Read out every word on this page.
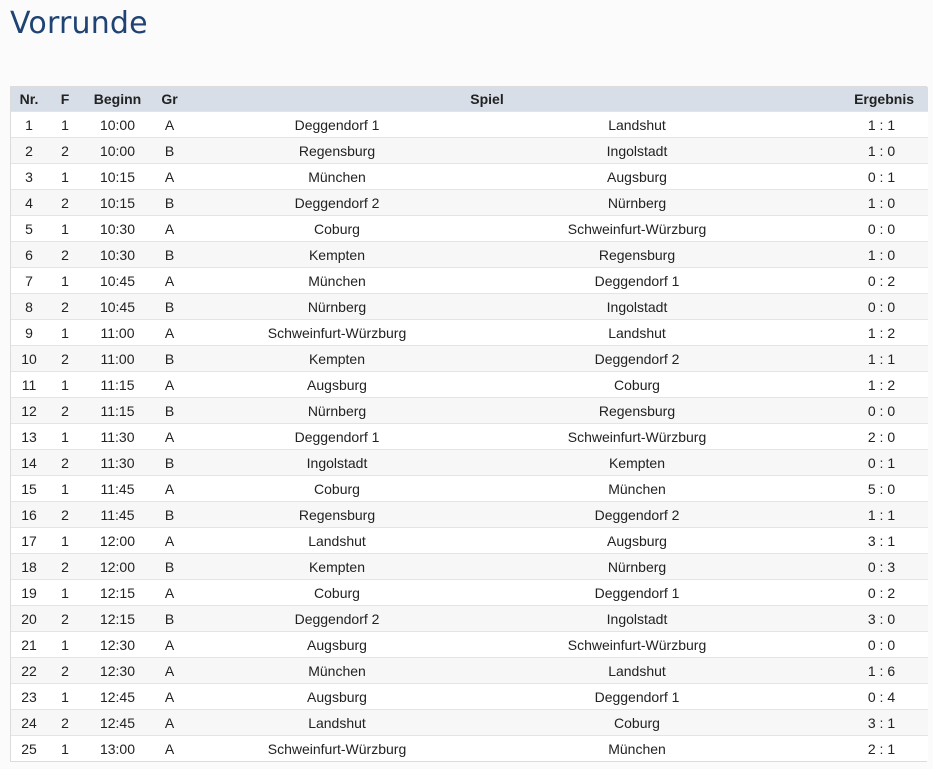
Vorrunde
Nr.	F	Beginn	Gr	Spiel		Ergebnis
1	1	10:00	A	Deggendorf 1	Landshut	1 : 1
2	2	10:00	B	Regensburg	Ingolstadt	1 : 0
3	1	10:15	A	München	Augsburg	0 : 1
4	2	10:15	B	Deggendorf 2	Nürnberg	1 : 0
5	1	10:30	A	Coburg	Schweinfurt-Würzburg	0 : 0
6	2	10:30	B	Kempten	Regensburg	1 : 0
7	1	10:45	A	München	Deggendorf 1	0 : 2
8	2	10:45	B	Nürnberg	Ingolstadt	0 : 0
9	1	11:00	A	Schweinfurt-Würzburg	Landshut	1 : 2
10	2	11:00	B	Kempten	Deggendorf 2	1 : 1
11	1	11:15	A	Augsburg	Coburg	1 : 2
12	2	11:15	B	Nürnberg	Regensburg	0 : 0
13	1	11:30	A	Deggendorf 1	Schweinfurt-Würzburg	2 : 0
14	2	11:30	B	Ingolstadt	Kempten	0 : 1
15	1	11:45	A	Coburg	München	5 : 0
16	2	11:45	B	Regensburg	Deggendorf 2	1 : 1
17	1	12:00	A	Landshut	Augsburg	3 : 1
18	2	12:00	B	Kempten	Nürnberg	0 : 3
19	1	12:15	A	Coburg	Deggendorf 1	0 : 2
20	2	12:15	B	Deggendorf 2	Ingolstadt	3 : 0
21	1	12:30	A	Augsburg	Schweinfurt-Würzburg	0 : 0
22	2	12:30	A	München	Landshut	1 : 6
23	1	12:45	A	Augsburg	Deggendorf 1	0 : 4
24	2	12:45	A	Landshut	Coburg	3 : 1
25	1	13:00	A	Schweinfurt-Würzburg	München	2 : 1
